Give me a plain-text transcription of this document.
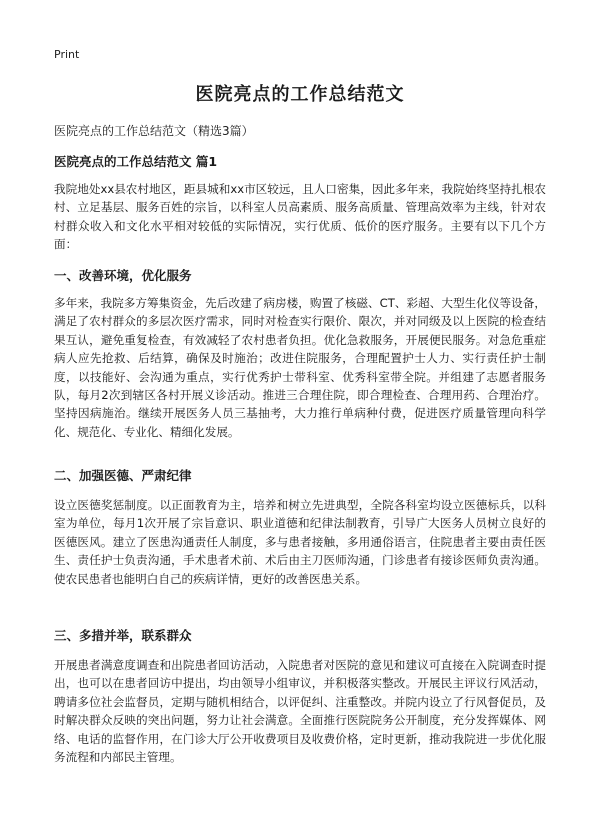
Print
医院亮点的工作总结范文
医院亮点的工作总结范文（精选3篇）
医院亮点的工作总结范文 篇1
我院地处xx县农村地区，距县城和xx市区较远，且人口密集，因此多年来，我院始终坚持扎根农村、立足基层、服务百姓的宗旨，以科室人员高素质、服务高质量、管理高效率为主线，针对农村群众收入和文化水平相对较低的实际情况，实行优质、低价的医疗服务。主要有以下几个方面：
一、改善环境，优化服务
多年来，我院多方筹集资金，先后改建了病房楼，购置了核磁、CT、彩超、大型生化仪等设备，满足了农村群众的多层次医疗需求，同时对检查实行限价、限次，并对同级及以上医院的检查结果互认，避免重复检查，有效减轻了农村患者负担。优化急救服务，开展便民服务。对急危重症病人应先抢救、后结算，确保及时施治；改进住院服务，合理配置护士人力、实行责任护士制度，以技能好、会沟通为重点，实行优秀护士带科室、优秀科室带全院。并组建了志愿者服务队，每月2次到辖区各村开展义诊活动。推进三合理住院，即合理检查、合理用药、合理治疗。坚持因病施治。继续开展医务人员三基抽考，大力推行单病种付费，促进医疗质量管理向科学化、规范化、专业化、精细化发展。
二、加强医德、严肃纪律
设立医德奖惩制度。以正面教育为主，培养和树立先进典型，全院各科室均设立医德标兵，以科室为单位，每月1次开展了宗旨意识、职业道德和纪律法制教育，引导广大医务人员树立良好的医德医风。建立了医患沟通责任人制度，多与患者接触，多用通俗语言，住院患者主要由责任医生、责任护士负责沟通，手术患者术前、术后由主刀医师沟通，门诊患者有接诊医师负责沟通。使农民患者也能明白自己的疾病详情，更好的改善医患关系。
三、多措并举，联系群众
开展患者满意度调查和出院患者回访活动，入院患者对医院的意见和建议可直接在入院调查时提出，也可以在患者回访中提出，均由领导小组审议，并积极落实整改。开展民主评议行风活动，聘请多位社会监督员，定期与随机相结合，以评促纠、注重整改。并院内设立了行风督促员，及时解决群众反映的突出问题，努力让社会满意。全面推行医院院务公开制度，充分发挥媒体、网络、电话的监督作用，在门诊大厅公开收费项目及收费价格，定时更新，推动我院进一步优化服务流程和内部民主管理。
